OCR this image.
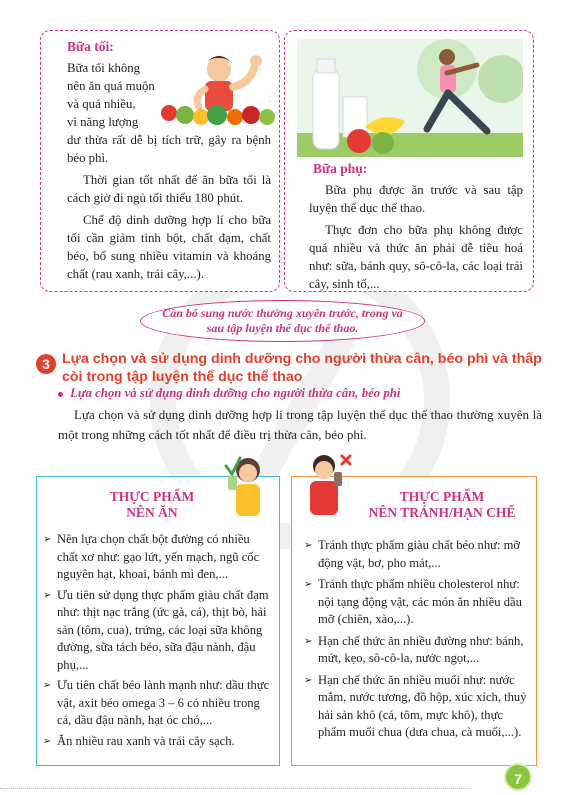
Bữa tối:
Bữa tối không
nên ăn quá muộn
và quá nhiều,
vì năng lượng
dư thừa rất dễ bị tích trữ, gây ra bệnh béo phì.
Thời gian tốt nhất để ăn bữa tối là cách giờ đi ngủ tối thiểu 180 phút.
Chế độ dinh dưỡng hợp lí cho bữa tối cần giảm tinh bột, chất đạm, chất béo, bổ sung nhiều vitamin và khoáng chất (rau xanh, trái cây,...).
Bữa phụ:
Bữa phụ được ăn trước và sau tập luyện thể dục thể thao.
Thực đơn cho bữa phụ không được quá nhiều và thức ăn phải dễ tiêu hoá như: sữa, bánh quy, sô-cô-la, các loại trái cây, sinh tố,...
Cần bổ sung nước thường xuyên trước, trong và sau tập luyện thể dục thể thao.
3 Lựa chọn và sử dụng dinh dưỡng cho người thừa cân, béo phì và thấp còi trong tập luyện thể dục thể thao
Lựa chọn và sử dụng dinh dưỡng cho người thừa cân, béo phì
Lựa chọn và sử dụng dinh dưỡng hợp lí trong tập luyện thể dục thể thao thường xuyên là một trong những cách tốt nhất để điều trị thừa cân, béo phì.
THỰC PHẨM
NÊN ĂN
➢ Nên lựa chọn chất bột đường có nhiều chất xơ như: gạo lứt, yến mạch, ngũ cốc nguyên hạt, khoai, bánh mì đen,...
➢ Ưu tiên sử dụng thực phẩm giàu chất đạm như: thịt nạc trắng (ức gà, cá), thịt bò, hải sản (tôm, cua), trứng, các loại sữa không đường, sữa tách béo, sữa đậu nành, đậu phụ,...
➢ Ưu tiên chất béo lành mạnh như: dầu thực vật, axit béo omega 3 – 6 có nhiều trong cá, dầu đậu nành, hạt óc chó,...
➢ Ăn nhiều rau xanh và trái cây sạch.
THỰC PHẨM
NÊN TRÁNH/HẠN CHẾ
➢ Tránh thực phẩm giàu chất béo như: mỡ động vật, bơ, pho mát,...
➢ Tránh thực phẩm nhiều cholesterol như: nội tạng động vật, các món ăn nhiều dầu mỡ (chiên, xào,...).
➢ Hạn chế thức ăn nhiều đường như: bánh, mứt, kẹo, sô-cô-la, nước ngọt,...
➢ Hạn chế thức ăn nhiều muối như: nước mắm, nước tương, đồ hộp, xúc xích, thuỷ hải sản khô (cá, tôm, mực khô), thực phẩm muối chua (dưa chua, cà muối,...).
7
